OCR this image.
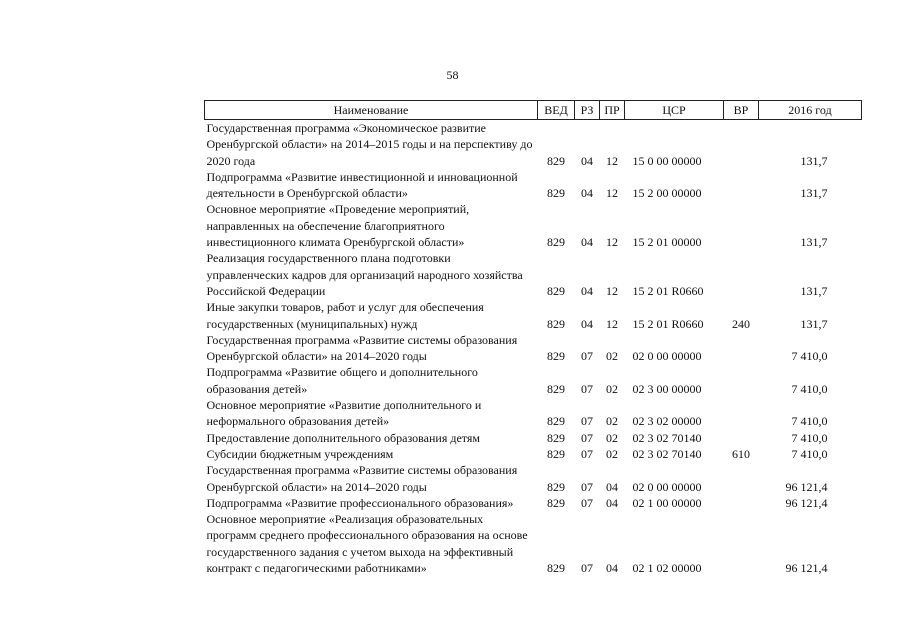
58
Наименование	ВЕД	РЗ	ПР	ЦСР	ВР	2016 год
Государственная программа «Экономическое развитие Оренбургской области» на 2014–2015 годы и на перспективу до 2020 года	829	04	12	15 0 00 00000		131,7
Подпрограмма «Развитие инвестиционной и инновационной деятельности в Оренбургской области»	829	04	12	15 2 00 00000		131,7
Основное мероприятие «Проведение мероприятий, направленных на обеспечение благоприятного инвестиционного климата Оренбургской области»	829	04	12	15 2 01 00000		131,7
Реализация государственного плана подготовки управленческих кадров для организаций народного хозяйства Российской Федерации	829	04	12	15 2 01 R0660		131,7
Иные закупки товаров, работ и услуг для обеспечения государственных (муниципальных) нужд	829	04	12	15 2 01 R0660	240	131,7
Государственная программа «Развитие системы образования Оренбургской области» на 2014–2020 годы	829	07	02	02 0 00 00000		7 410,0
Подпрограмма «Развитие общего и дополнительного образования детей»	829	07	02	02 3 00 00000		7 410,0
Основное мероприятие «Развитие дополнительного и неформального образования детей»	829	07	02	02 3 02 00000		7 410,0
Предоставление дополнительного образования детям	829	07	02	02 3 02 70140		7 410,0
Субсидии бюджетным учреждениям	829	07	02	02 3 02 70140	610	7 410,0
Государственная программа «Развитие системы образования Оренбургской области» на 2014–2020 годы	829	07	04	02 0 00 00000		96 121,4
Подпрограмма «Развитие профессионального образования»	829	07	04	02 1 00 00000		96 121,4
Основное мероприятие «Реализация образовательных программ среднего профессионального образования на основе государственного задания с учетом выхода на эффективный контракт с педагогическими работниками»	829	07	04	02 1 02 00000		96 121,4
